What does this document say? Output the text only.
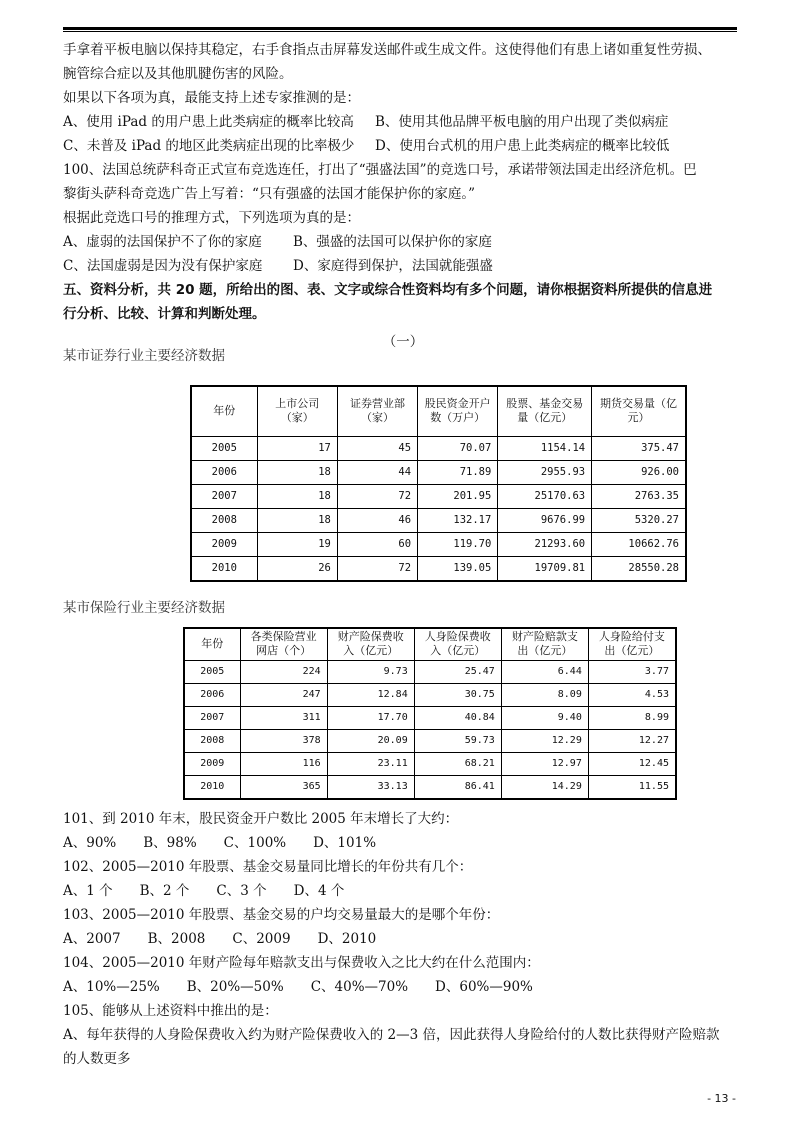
手拿着平板电脑以保持其稳定，右手食指点击屏幕发送邮件或生成文件。这使得他们有患上诸如重复性劳损、

腕管综合症以及其他肌腱伤害的风险。

如果以下各项为真，最能支持上述专家推测的是：

A、使用 iPad 的用户患上此类病症的概率比较高 B、使用其他品牌平板电脑的用户出现了类似病症

C、未普及 iPad 的地区此类病症出现的比率极少 D、使用台式机的用户患上此类病症的概率比较低

100、法国总统萨科奇正式宣布竞选连任，打出了“强盛法国”的竞选口号，承诺带领法国走出经济危机。巴

黎街头萨科奇竞选广告上写着：“只有强盛的法国才能保护你的家庭。”

根据此竞选口号的推理方式，下列选项为真的是：

A、虚弱的法国保护不了你的家庭 B、强盛的法国可以保护你的家庭

C、法国虚弱是因为没有保护家庭 D、家庭得到保护，法国就能强盛

五、资料分析，共 20 题，所给出的图、表、文字或综合性资料均有多个问题，请你根据资料所提供的信息进

行分析、比较、计算和判断处理。

（一）

某市证券行业主要经济数据
年份	上市公司（家）	证券营业部（家）	股民资金开户数（万户）	股票、基金交易量（亿元）	期货交易量（亿元）
2005	17	45	70.07	1154.14	375.47
2006	18	44	71.89	2955.93	926.00
2007	18	72	201.95	25170.63	2763.35
2008	18	46	132.17	9676.99	5320.27
2009	19	60	119.70	21293.60	10662.76
2010	26	72	139.05	19709.81	28550.28
某市保险行业主要经济数据
年份	各类保险营业网店（个）	财产险保费收入（亿元）	人身险保费收入（亿元）	财产险赔款支出（亿元）	人身险给付支出（亿元）
2005	224	9.73	25.47	6.44	3.77
2006	247	12.84	30.75	8.09	4.53
2007	311	17.70	40.84	9.40	8.99
2008	378	20.09	59.73	12.29	12.27
2009	116	23.11	68.21	12.97	12.45
2010	365	33.13	86.41	14.29	11.55

101、到 2010 年末，股民资金开户数比 2005 年末增长了大约：

A、90%　　B、98%　　C、100%　　D、101%

102、2005—2010 年股票、基金交易量同比增长的年份共有几个：

A、1 个　　B、2 个　　C、3 个　　D、4 个

103、2005—2010 年股票、基金交易的户均交易量最大的是哪个年份：

A、2007　　B、2008　　C、2009　　D、2010

104、2005—2010 年财产险每年赔款支出与保费收入之比大约在什么范围内：

A、10%—25%　　B、20%—50%　　C、40%—70%　　D、60%—90%

105、能够从上述资料中推出的是：

A、每年获得的人身险保费收入约为财产险保费收入的 2—3 倍，因此获得人身险给付的人数比获得财产险赔款

的人数更多

- 13 -
